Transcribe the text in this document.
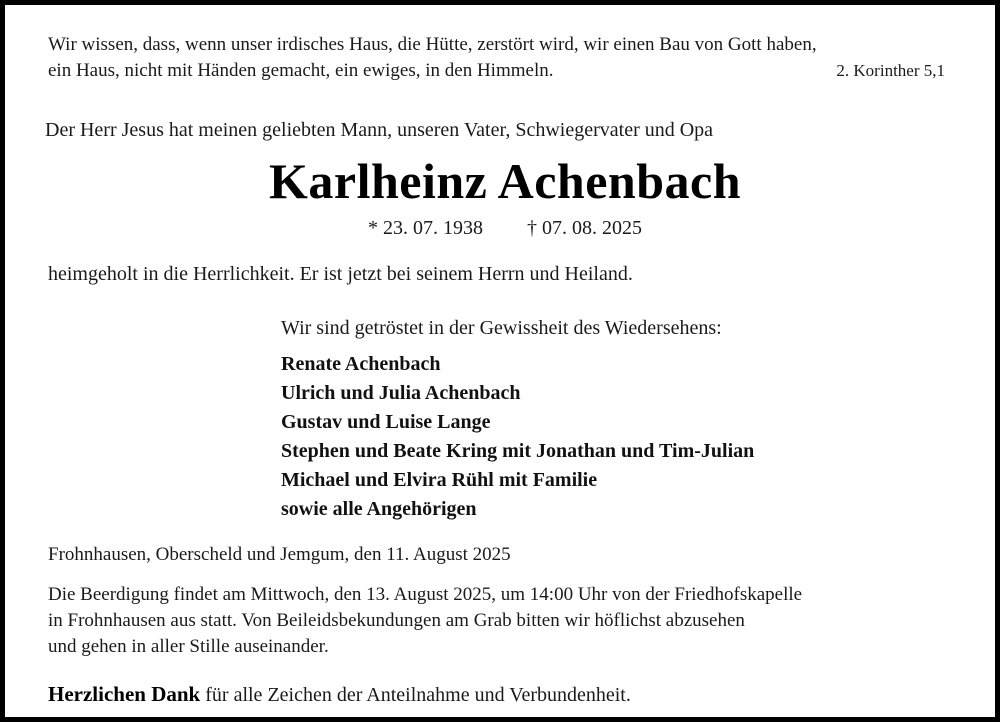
Wir wissen, dass, wenn unser irdisches Haus, die Hütte, zerstört wird, wir einen Bau von Gott haben,
ein Haus, nicht mit Händen gemacht, ein ewiges, in den Himmeln.	2. Korinther 5,1
Der Herr Jesus hat meinen geliebten Mann, unseren Vater, Schwiegervater und Opa
Karlheinz Achenbach
* 23. 07. 1938 † 07. 08. 2025
heimgeholt in die Herrlichkeit. Er ist jetzt bei seinem Herrn und Heiland.
Wir sind getröstet in der Gewissheit des Wiedersehens:
Renate Achenbach
Ulrich und Julia Achenbach
Gustav und Luise Lange
Stephen und Beate Kring mit Jonathan und Tim-Julian
Michael und Elvira Rühl mit Familie
sowie alle Angehörigen
Frohnhausen, Oberscheld und Jemgum, den 11. August 2025
Die Beerdigung findet am Mittwoch, den 13. August 2025, um 14:00 Uhr von der Friedhofskapelle
in Frohnhausen aus statt. Von Beileidsbekundungen am Grab bitten wir höflichst abzusehen
und gehen in aller Stille auseinander.
Herzlichen Dank für alle Zeichen der Anteilnahme und Verbundenheit.
